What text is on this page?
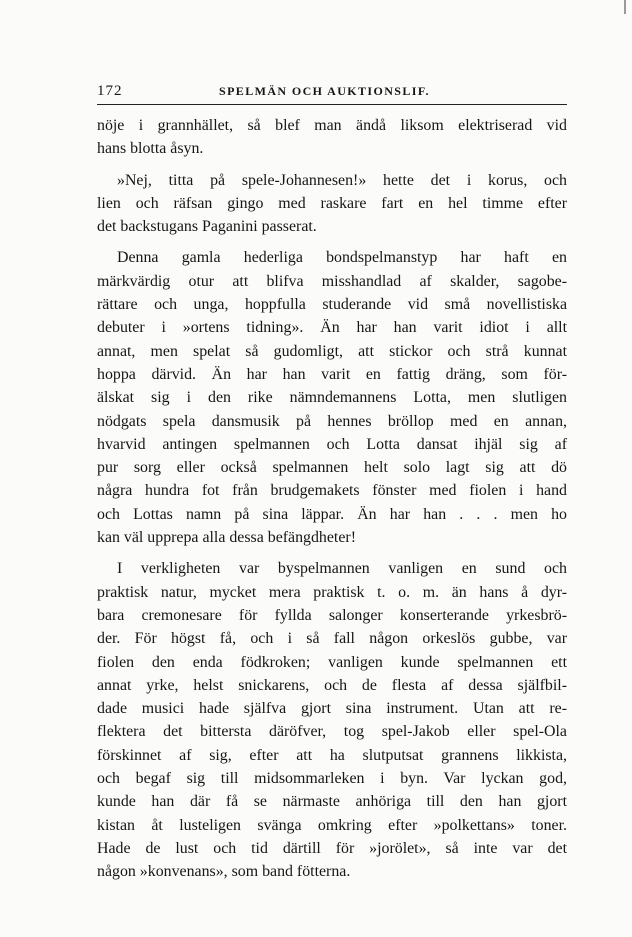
172	SPELMÄN OCH AUKTIONSLIF.

nöje i grannhället, så blef man ändå liksom elektriserad vid
hans blotta åsyn.

»Nej, titta på spele-Johannesen!» hette det i korus, och
lien och räfsan gingo med raskare fart en hel timme efter
det backstugans Paganini passerat.

Denna gamla hederliga bondspelmanstyp har haft en
märkvärdig otur att blifva misshandlad af skalder, sagobe-
rättare och unga, hoppfulla studerande vid små novellistiska
debuter i »ortens tidning». Än har han varit idiot i allt
annat, men spelat så gudomligt, att stickor och strå kunnat
hoppa därvid. Än har han varit en fattig dräng, som för-
älskat sig i den rike nämndemannens Lotta, men slutligen
nödgats spela dansmusik på hennes bröllop med en annan,
hvarvid antingen spelmannen och Lotta dansat ihjäl sig af
pur sorg eller också spelmannen helt solo lagt sig att dö
några hundra fot från brudgemakets fönster med fiolen i hand
och Lottas namn på sina läppar. Än har han . . . men ho
kan väl upprepa alla dessa befängdheter!

I verkligheten var byspelmannen vanligen en sund och
praktisk natur, mycket mera praktisk t. o. m. än hans å dyr-
bara cremonesare för fyllda salonger konserterande yrkesbrö-
der. För högst få, och i så fall någon orkeslös gubbe, var
fiolen den enda födkroken; vanligen kunde spelmannen ett
annat yrke, helst snickarens, och de flesta af dessa själfbil-
dade musici hade själfva gjort sina instrument. Utan att re-
flektera det bittersta däröfver, tog spel-Jakob eller spel-Ola
förskinnet af sig, efter att ha slutputsat grannens likkista,
och begaf sig till midsommarleken i byn. Var lyckan god,
kunde han där få se närmaste anhöriga till den han gjort
kistan åt lusteligen svänga omkring efter »polkettans» toner.
Hade de lust och tid därtill för »jorölet», så inte var det
någon »konvenans», som band fötterna.
